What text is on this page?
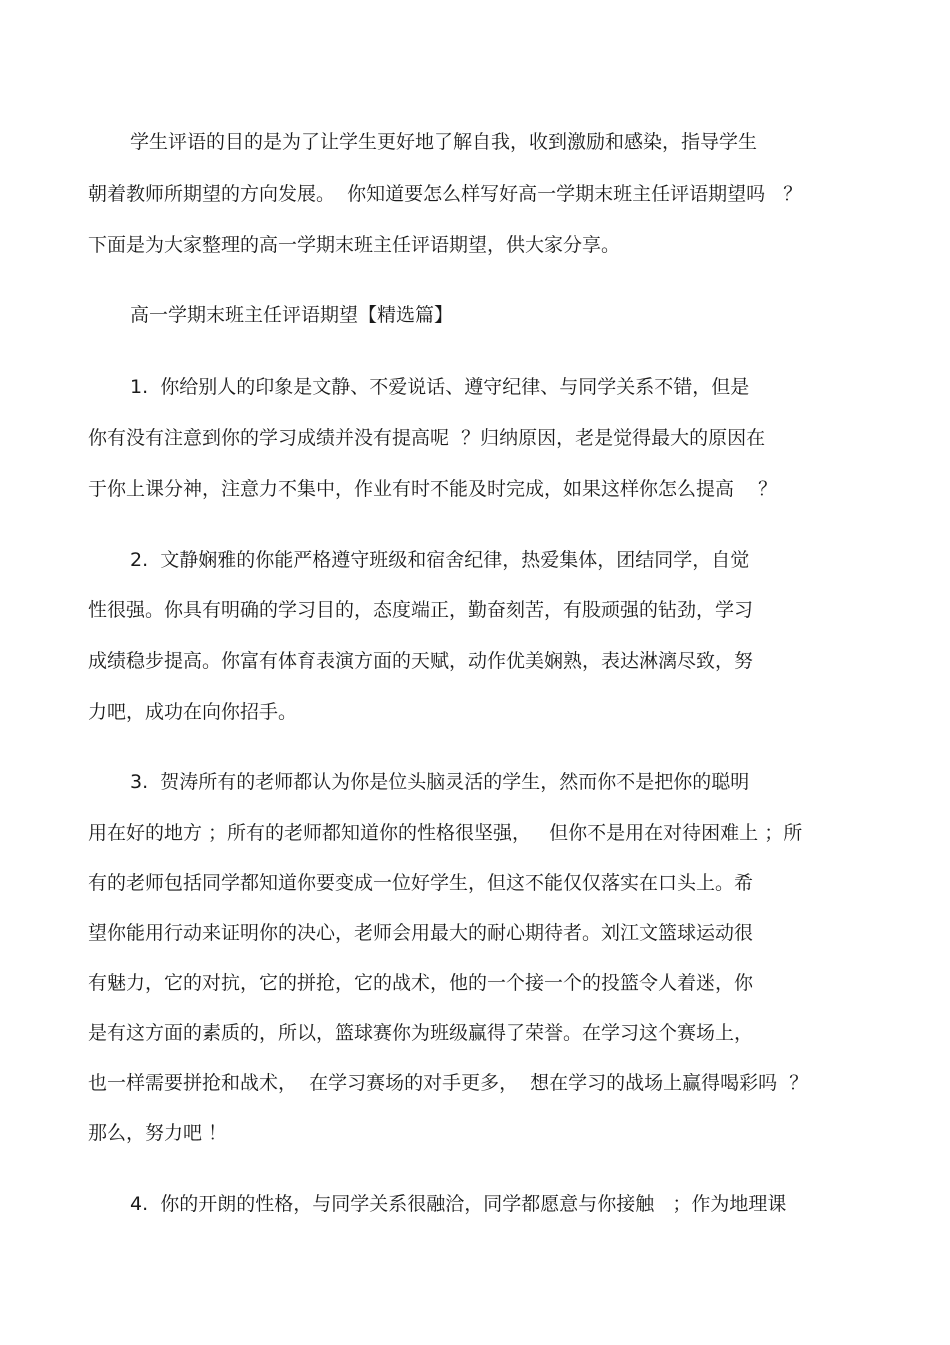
学生评语的目的是为了让学生更好地了解自我，收到激励和感染，指导学生
朝着教师所期望的方向发展。  你知道要怎么样写好高一学期末班主任评语期望吗   ？
下面是为大家整理的高一学期末班主任评语期望，供大家分享。
高一学期末班主任评语期望【精选篇】
1.  你给别人的印象是文静、不爱说话、遵守纪律、与同学关系不错，但是
你有没有注意到你的学习成绩并没有提高呢  ？归纳原因，老是觉得最大的原因在
于你上课分神，注意力不集中，作业有时不能及时完成，如果这样你怎么提高    ？
2.  文静娴雅的你能严格遵守班级和宿舍纪律，热爱集体，团结同学，自觉
性很强。你具有明确的学习目的，态度端正，勤奋刻苦，有股顽强的钻劲，学习
成绩稳步提高。你富有体育表演方面的天赋，动作优美娴熟，表达淋漓尽致，努
力吧，成功在向你招手。
3.  贺涛所有的老师都认为你是位头脑灵活的学生，然而你不是把你的聪明
用在好的地方 ；所有的老师都知道你的性格很坚强，   但你不是用在对待困难上 ；所
有的老师包括同学都知道你要变成一位好学生，但这不能仅仅落实在口头上。希
望你能用行动来证明你的决心，老师会用最大的耐心期待者。刘江文篮球运动很
有魅力，它的对抗，它的拼抢，它的战术，他的一个接一个的投篮令人着迷，你
是有这方面的素质的，所以，篮球赛你为班级赢得了荣誉。在学习这个赛场上，
也一样需要拼抢和战术，  在学习赛场的对手更多，  想在学习的战场上赢得喝彩吗  ？
那么，努力吧 ！
4.  你的开朗的性格，与同学关系很融洽，同学都愿意与你接触   ；作为地理课
